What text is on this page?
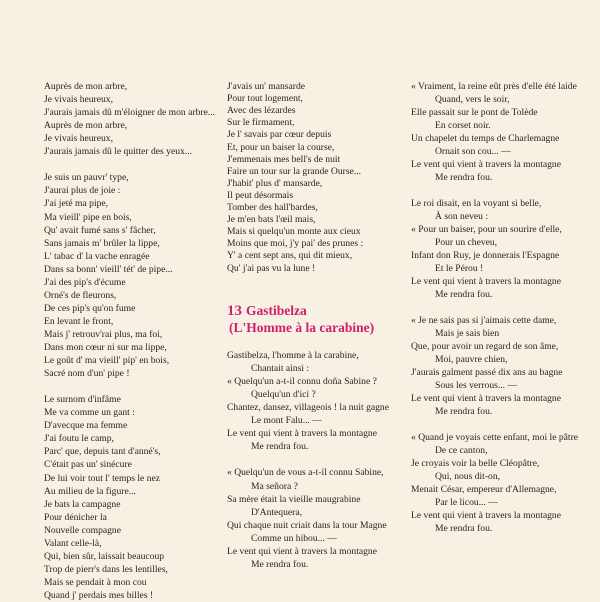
Auprès de mon arbre,
Je vivais heureux,
J'aurais jamais dû m'éloigner de mon arbre...
Auprès de mon arbre,
Je vivais heureux,
J'aurais jamais dû le quitter des yeux...
Je suis un pauvr' type,
J'aurai plus de joie :
J'ai jeté ma pipe,
Ma vieill' pipe en bois,
Qu' avait fumé sans s' fâcher,
Sans jamais m' brûler la lippe,
L' tabac d' la vache enragée
Dans sa bonn' vieill' tét' de pipe...
J'ai des pip's d'écume
Orné's de fleurons,
De ces pip's qu'on fume
En levant le front,
Mais j' retrouv'rai plus, ma foi,
Dans mon cœur ni sur ma lippe,
Le goût d' ma vieill' pip' en bois,
Sacré nom d'un' pipe !
Le surnom d'infâme
Me va comme un gant :
D'avecque ma femme
J'ai foutu le camp,
Parc' que, depuis tant d'anné's,
C'était pas un' sinécure
De lui voir tout l' temps le nez
Au milieu de la figure...
Je bats la campagne
Pour dénicher la
Nouvelle compagne
Valant celle-là,
Qui, bien sûr, laissait beaucoup
Trop de pierr's dans les lentilles,
Mais se pendait à mon cou
Quand j' perdais mes billes !
J'avais un' mansarde
Pour tout logement,
Avec des lézardes
Sur le firmament,
Je l' savais par cœur depuis
Et, pour un baiser la course,
J'emmenais mes bell's de nuit
Faire un tour sur la grande Ourse...
J'habit' plus d' mansarde,
Il peut désormais
Tomber des hall'bardes,
Je m'en bats l'œil mais,
Mais si quelqu'un monte aux cieux
Moins que moi, j'y pai' des prunes :
Y' a cent sept ans, qui dit mieux,
Qu' j'ai pas vu la lune !
Gastibelza, l'homme à la carabine,
Chantait ainsi :
« Quelqu'un a-t-il connu doña Sabine ?
Quelqu'un d'ici ?
Chantez, dansez, villageois ! la nuit gagne
Le mont Falu... —
Le vent qui vient à travers la montagne
Me rendra fou.
« Quelqu'un de vous a-t-il connu Sabine,
Ma señora ?
Sa mère était la vieille maugrabine
D'Antequera,
Qui chaque nuit criait dans la tour Magne
Comme un hibou... —
Le vent qui vient à travers la montagne
Me rendra fou.
« Vraiment, la reine eût près d'elle été laide
Quand, vers le soir,
Elle passait sur le pont de Tolède
En corset noir.
Un chapelet du temps de Charlemagne
Ornait son cou... —
Le vent qui vient à travers la montagne
Me rendra fou.
Le roi disait, en la voyant si belle,
À son neveu :
« Pour un baiser, pour un sourire d'elle,
Pour un cheveu,
Infant don Ruy, je donnerais l'Espagne
Et le Pérou !
Le vent qui vient à travers la montagne
Me rendra fou.
« Je ne sais pas si j'aimais cette dame,
Mais je sais bien
Que, pour avoir un regard de son âme,
Moi, pauvre chien,
J'aurais galment passé dix ans au bagne
Sous les verrous... —
Le vent qui vient à travers la montagne
Me rendra fou.
« Quand je voyais cette enfant, moi le pâtre
De ce canton,
Je croyais voir la belle Cléopâtre,
Qui, nous dit-on,
Menait César, empereur d'Allemagne,
Par le licou... —
Le vent qui vient à travers la montagne
Me rendra fou.
13 Gastibelza
(L'Homme à la carabine)
